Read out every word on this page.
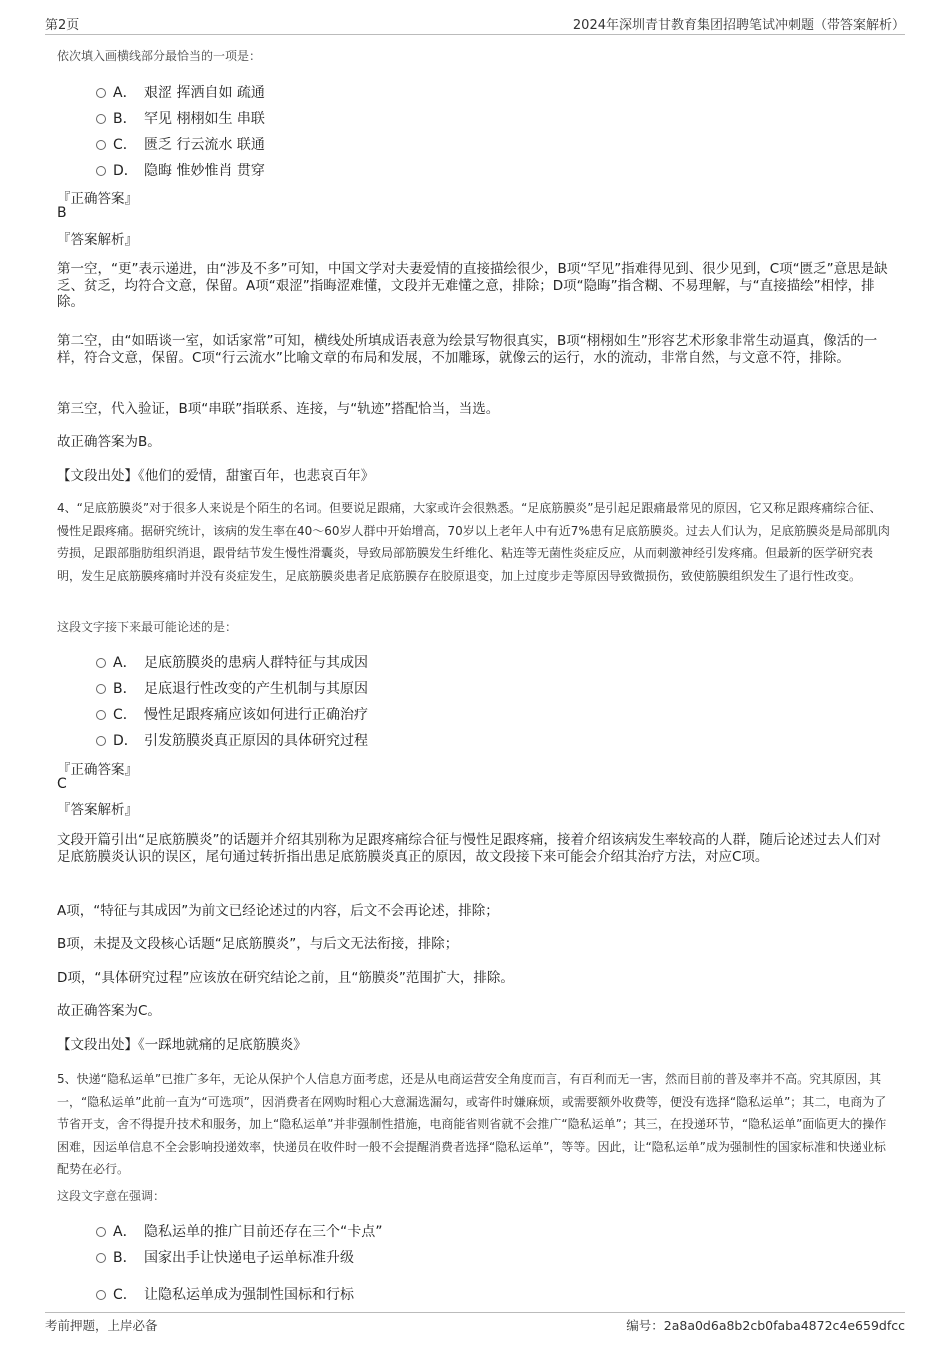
第2页	2024年深圳青甘教育集团招聘笔试冲刺题（带答案解析）
依次填入画横线部分最恰当的一项是：
A． 艰涩 挥洒自如 疏通
B． 罕见 栩栩如生 串联
C． 匮乏 行云流水 联通
D． 隐晦 惟妙惟肖 贯穿
『正确答案』
B
『答案解析』
第一空，“更”表示递进，由“涉及不多”可知，中国文学对夫妻爱情的直接描绘很少，B项“罕见”指难得见到、很少见到，C项“匮乏”意思是缺乏、贫乏，均符合文意，保留。A项“艰涩”指晦涩难懂，文段并无难懂之意，排除；D项“隐晦”指含糊、不易理解，与“直接描绘”相悖，排除。
第二空，由“如晤谈一室，如话家常”可知，横线处所填成语表意为绘景写物很真实，B项“栩栩如生”形容艺术形象非常生动逼真，像活的一样，符合文意，保留。C项“行云流水”比喻文章的布局和发展，不加雕琢，就像云的运行，水的流动，非常自然，与文意不符，排除。
第三空，代入验证，B项“串联”指联系、连接，与“轨迹”搭配恰当，当选。
故正确答案为B。
【文段出处】《他们的爱情，甜蜜百年，也悲哀百年》
4、“足底筋膜炎”对于很多人来说是个陌生的名词。但要说足跟痛，大家或许会很熟悉。“足底筋膜炎”是引起足跟痛最常见的原因，它又称足跟疼痛综合征、慢性足跟疼痛。据研究统计，该病的发生率在40～60岁人群中开始增高，70岁以上老年人中有近7%患有足底筋膜炎。过去人们认为，足底筋膜炎是局部肌肉劳损，足跟部脂肪组织消退，跟骨结节发生慢性滑囊炎，导致局部筋膜发生纤维化、粘连等无菌性炎症反应，从而刺激神经引发疼痛。但最新的医学研究表明，发生足底筋膜疼痛时并没有炎症发生，足底筋膜炎患者足底筋膜存在胶原退变，加上过度步走等原因导致微损伤，致使筋膜组织发生了退行性改变。
这段文字接下来最可能论述的是：
A． 足底筋膜炎的患病人群特征与其成因
B． 足底退行性改变的产生机制与其原因
C． 慢性足跟疼痛应该如何进行正确治疗
D． 引发筋膜炎真正原因的具体研究过程
『正确答案』
C
『答案解析』
文段开篇引出“足底筋膜炎”的话题并介绍其别称为足跟疼痛综合征与慢性足跟疼痛，接着介绍该病发生率较高的人群，随后论述过去人们对足底筋膜炎认识的误区，尾句通过转折指出患足底筋膜炎真正的原因，故文段接下来可能会介绍其治疗方法，对应C项。
A项，“特征与其成因”为前文已经论述过的内容，后文不会再论述，排除；
B项，未提及文段核心话题“足底筋膜炎”，与后文无法衔接，排除；
D项，“具体研究过程”应该放在研究结论之前，且“筋膜炎”范围扩大，排除。
故正确答案为C。
【文段出处】《一踩地就痛的足底筋膜炎》
5、快递“隐私运单”已推广多年，无论从保护个人信息方面考虑，还是从电商运营安全角度而言，有百利而无一害，然而目前的普及率并不高。究其原因，其一，“隐私运单”此前一直为“可选项”，因消费者在网购时粗心大意漏选漏勾，或寄件时嫌麻烦，或需要额外收费等，便没有选择“隐私运单”；其二，电商为了节省开支，舍不得提升技术和服务，加上“隐私运单”并非强制性措施，电商能省则省就不会推广“隐私运单”；其三，在投递环节，“隐私运单”面临更大的操作困难，因运单信息不全会影响投递效率，快递员在收件时一般不会提醒消费者选择“隐私运单”，等等。因此，让“隐私运单”成为强制性的国家标准和快递业标配势在必行。
这段文字意在强调：
A． 隐私运单的推广目前还存在三个“卡点”
B． 国家出手让快递电子运单标准升级
C． 让隐私运单成为强制性国标和行标
考前押题，上岸必备	编号：2a8a0d6a8b2cb0faba4872c4e659dfcc
